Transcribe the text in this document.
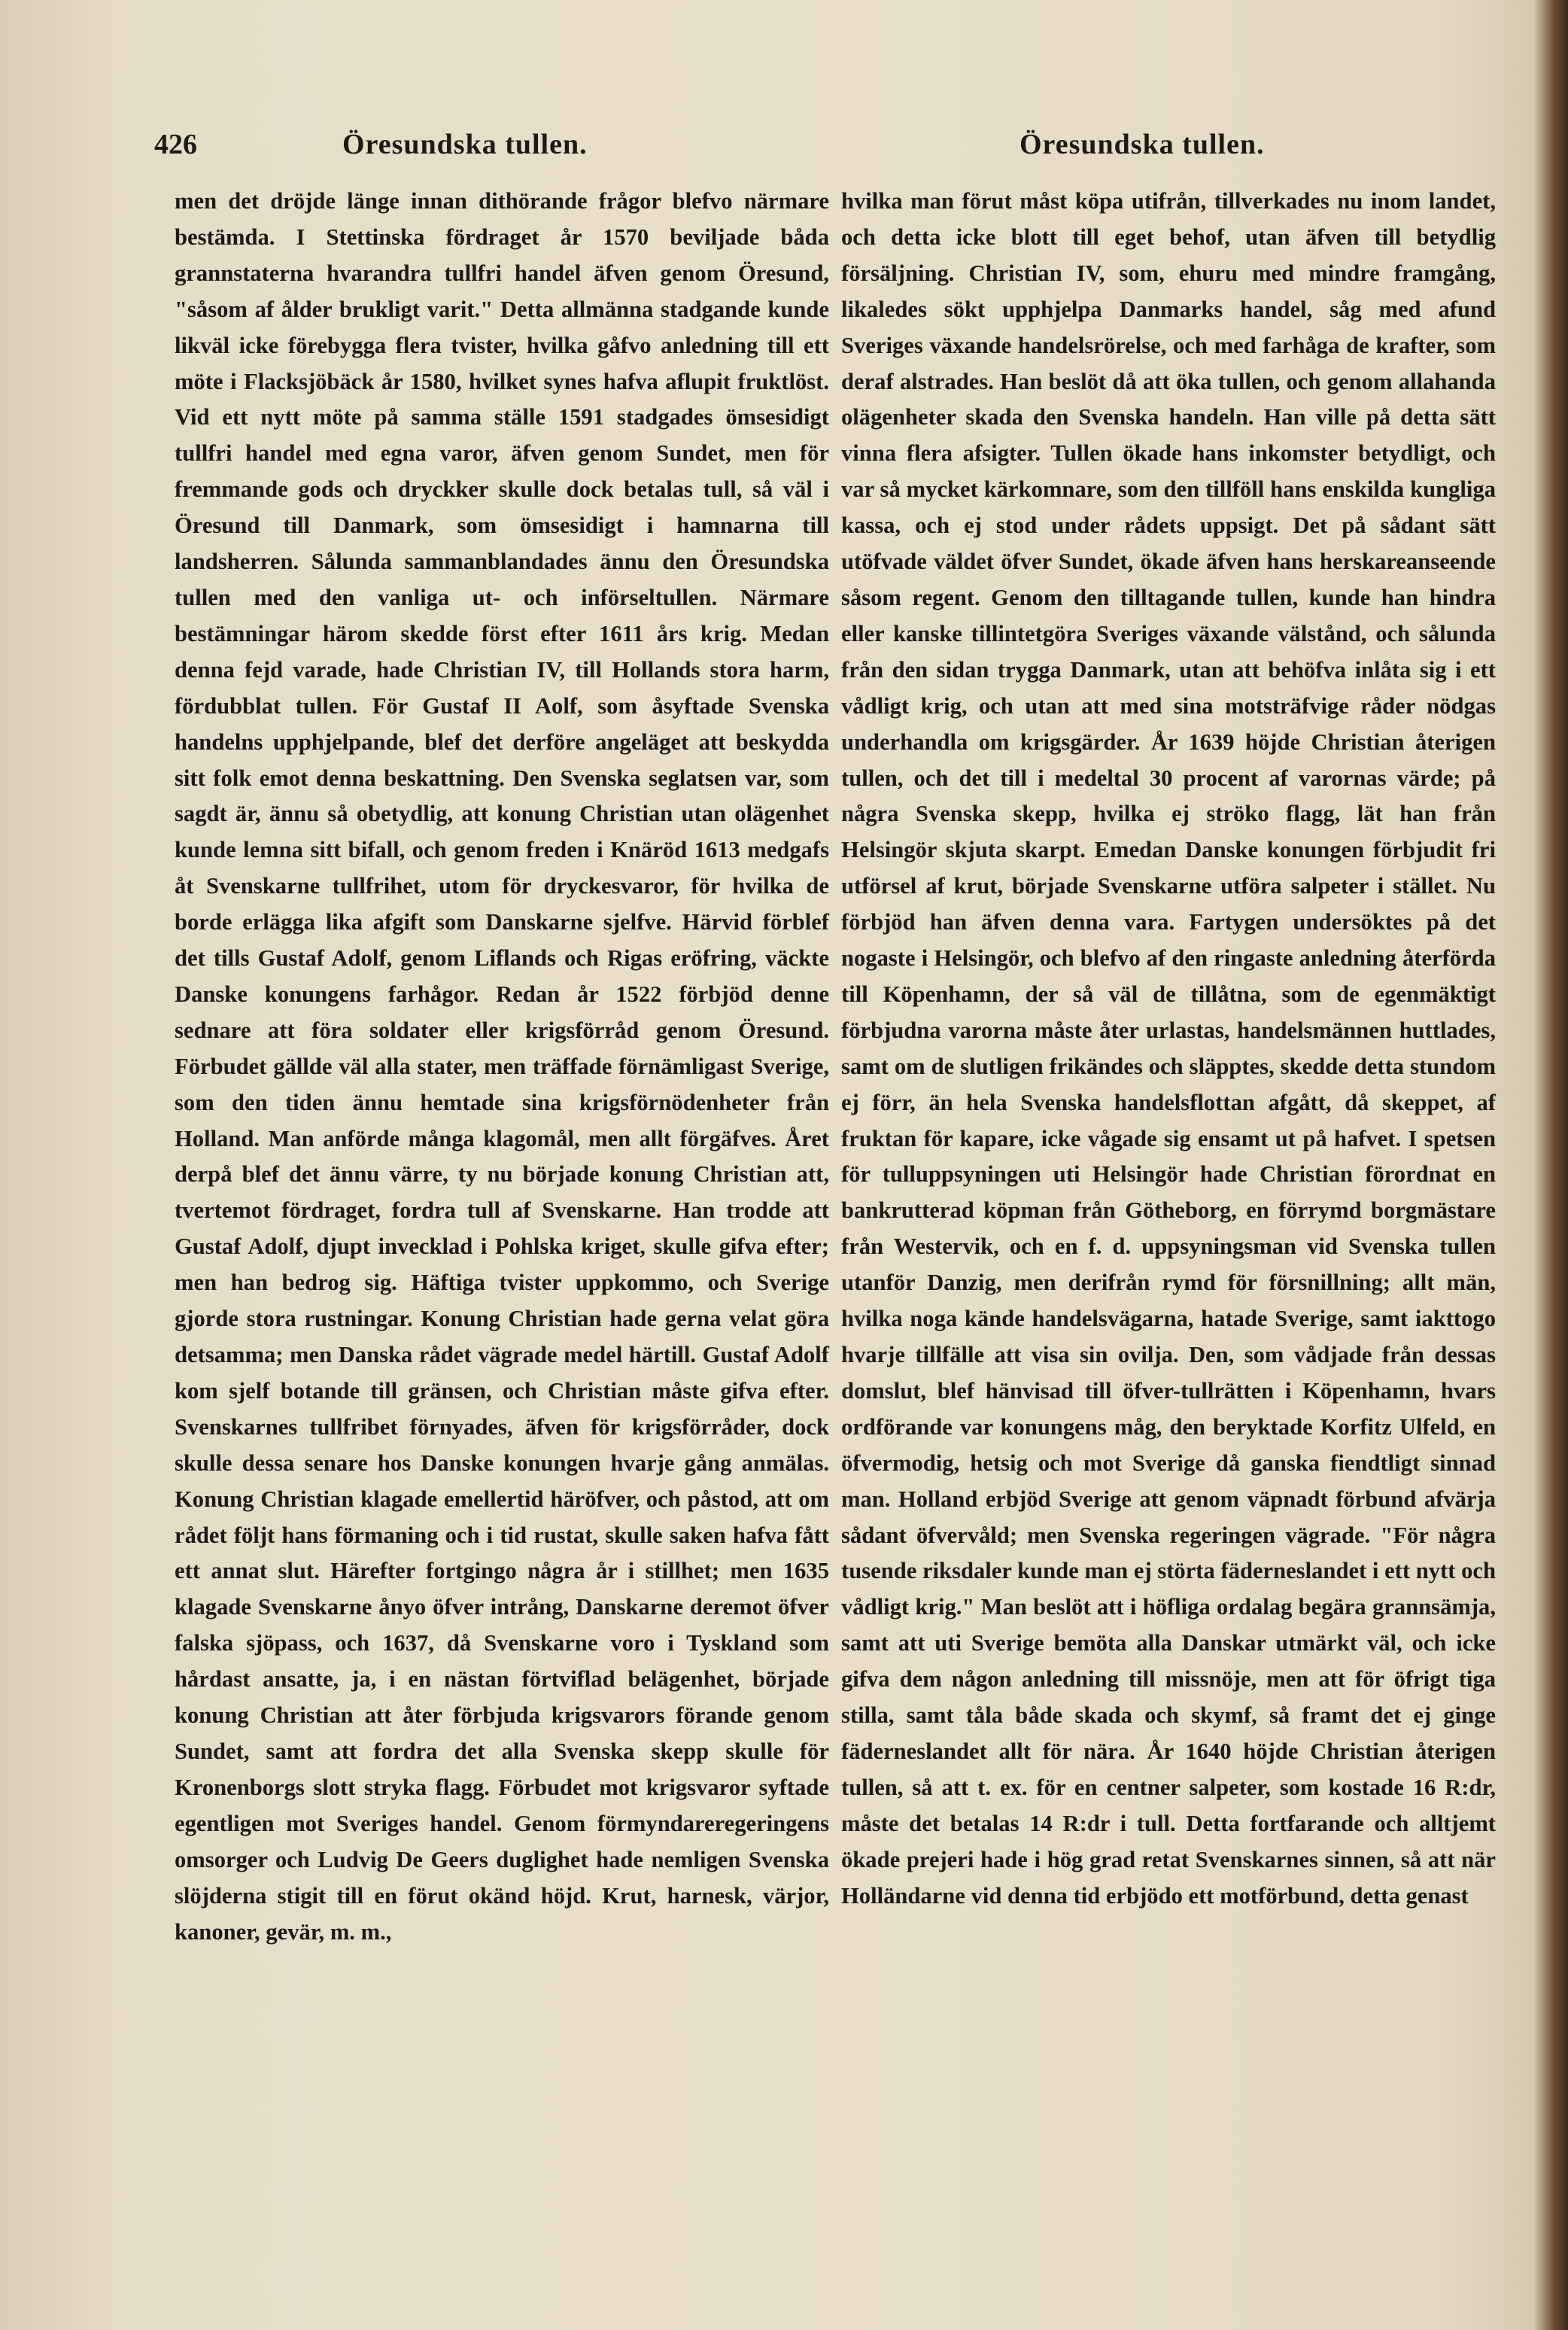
426	Öresundska tullen.	Öresundska tullen.
men det dröjde länge innan dithörande frågor blefvo närmare bestämda. I Stettinska fördraget år 1570 beviljade båda grannstaterna hvarandra tullfri handel äfven genom Öresund, "såsom af ålder brukligt varit." Detta allmänna stadgande kunde likväl icke förebygga flera tvister, hvilka gåfvo anledning till ett möte i Flacksjöbäck år 1580, hvilket synes hafva aflupit fruktlöst. Vid ett nytt möte på samma ställe 1591 stadgades ömsesidigt tullfri handel med egna varor, äfven genom Sundet, men för fremmande gods och dryckker skulle dock betalas tull, så väl i Öresund till Danmark, som ömsesidigt i hamnarna till landsherren. Sålunda sammanblandades ännu den Öresundska tullen med den vanliga ut- och införseltullen. Närmare bestämningar härom skedde först efter 1611 års krig. Medan denna fejd varade, hade Christian IV, till Hollands stora harm, fördubblat tullen. För Gustaf II Aolf, som åsyftade Svenska handelns upphjelpande, blef det derföre angeläget att beskydda sitt folk emot denna beskattning. Den Svenska seglatsen var, som sagdt är, ännu så obetydlig, att konung Christian utan olägenhet kunde lemna sitt bifall, och genom freden i Knäröd 1613 medgafs åt Svenskarne tullfrihet, utom för dryckesvaror, för hvilka de borde erlägga lika afgift som Danskarne sjelfve. Härvid förblef det tills Gustaf Adolf, genom Liflands och Rigas eröfring, väckte Danske konungens farhågor. Redan år 1522 förbjöd denne sednare att föra soldater eller krigsförråd genom Öresund. Förbudet gällde väl alla stater, men träffade förnämligast Sverige, som den tiden ännu hemtade sina krigsförnödenheter från Holland. Man anförde många klagomål, men allt förgäfves. Året derpå blef det ännu värre, ty nu började konung Christian att, tvertemot fördraget, fordra tull af Svenskarne. Han trodde att Gustaf Adolf, djupt invecklad i Pohlska kriget, skulle gifva efter; men han bedrog sig. Häftiga tvister uppkommo, och Sverige gjorde stora rustningar. Konung Christian hade gerna velat göra detsamma; men Danska rådet vägrade medel härtill. Gustaf Adolf kom sjelf botande till gränsen, och Christian måste gifva efter. Svenskarnes tullfribet förnyades, äfven för krigsförråder, dock skulle dessa senare hos Danske konungen hvarje gång anmälas. Konung Christian klagade emellertid häröfver, och påstod, att om rådet följt hans förmaning och i tid rustat, skulle saken hafva fått ett annat slut. Härefter fortgingo några år i stillhet; men 1635 klagade Svenskarne ånyo öfver intrång, Danskarne deremot öfver falska sjöpass, och 1637, då Svenskarne voro i Tyskland som hårdast ansatte, ja, i en nästan förtviflad belägenhet, började konung Christian att åter förbjuda krigsvarors förande genom Sundet, samt att fordra det alla Svenska skepp skulle för Kronenborgs slott stryka flagg. Förbudet mot krigsvaror syftade egentligen mot Sveriges handel. Genom förmyndareregeringens omsorger och Ludvig De Geers duglighet hade nemligen Svenska slöjderna stigit till en förut okänd höjd. Krut, harnesk, värjor, kanoner, gevär, m. m.,
hvilka man förut måst köpa utifrån, tillverkades nu inom landet, och detta icke blott till eget behof, utan äfven till betydlig försäljning. Christian IV, som, ehuru med mindre framgång, likaledes sökt upphjelpa Danmarks handel, såg med afund Sveriges växande handelsrörelse, och med farhåga de krafter, som deraf alstrades. Han beslöt då att öka tullen, och genom allahanda olägenheter skada den Svenska handeln. Han ville på detta sätt vinna flera afsigter. Tullen ökade hans inkomster betydligt, och var så mycket kärkomnare, som den tillföll hans enskilda kungliga kassa, och ej stod under rådets uppsigt. Det på sådant sätt utöfvade väldet öfver Sundet, ökade äfven hans herskareanseende såsom regent. Genom den tilltagande tullen, kunde han hindra eller kanske tillintetgöra Sveriges växande välstånd, och sålunda från den sidan trygga Danmark, utan att behöfva inlåta sig i ett vådligt krig, och utan att med sina motsträfvige råder nödgas underhandla om krigsgärder. År 1639 höjde Christian återigen tullen, och det till i medeltal 30 procent af varornas värde; på några Svenska skepp, hvilka ej ströko flagg, lät han från Helsingör skjuta skarpt. Emedan Danske konungen förbjudit fri utförsel af krut, började Svenskarne utföra salpeter i stället. Nu förbjöd han äfven denna vara. Fartygen undersöktes på det nogaste i Helsingör, och blefvo af den ringaste anledning återförda till Köpenhamn, der så väl de tillåtna, som de egenmäktigt förbjudna varorna måste åter urlastas, handelsmännen huttlades, samt om de slutligen frikändes och släpptes, skedde detta stundom ej förr, än hela Svenska handelsflottan afgått, då skeppet, af fruktan för kapare, icke vågade sig ensamt ut på hafvet. I spetsen för tulluppsyningen uti Helsingör hade Christian förordnat en bankrutterad köpman från Götheborg, en förrymd borgmästare från Westervik, och en f. d. uppsyningsman vid Svenska tullen utanför Danzig, men derifrån rymd för försnillning; allt män, hvilka noga kände handelsvägarna, hatade Sverige, samt iakttogo hvarje tillfälle att visa sin ovilja. Den, som vådjade från dessas domslut, blef hänvisad till öfver-tullrätten i Köpenhamn, hvars ordförande var konungens måg, den beryktade Korfitz Ulfeld, en öfvermodig, hetsig och mot Sverige då ganska fiendtligt sinnad man. Holland erbjöd Sverige att genom väpnadt förbund afvärja sådant öfvervåld; men Svenska regeringen vägrade. "För några tusende riksdaler kunde man ej störta fäderneslandet i ett nytt och vådligt krig." Man beslöt att i höfliga ordalag begära grannsämja, samt att uti Sverige bemöta alla Danskar utmärkt väl, och icke gifva dem någon anledning till missnöje, men att för öfrigt tiga stilla, samt tåla både skada och skymf, så framt det ej ginge fäderneslandet allt för nära. År 1640 höjde Christian återigen tullen, så att t. ex. för en centner salpeter, som kostade 16 R:dr, måste det betalas 14 R:dr i tull. Detta fortfarande och alltjemt ökade prejeri hade i hög grad retat Svenskarnes sinnen, så att när Holländarne vid denna tid erbjödo ett motförbund, detta genast
